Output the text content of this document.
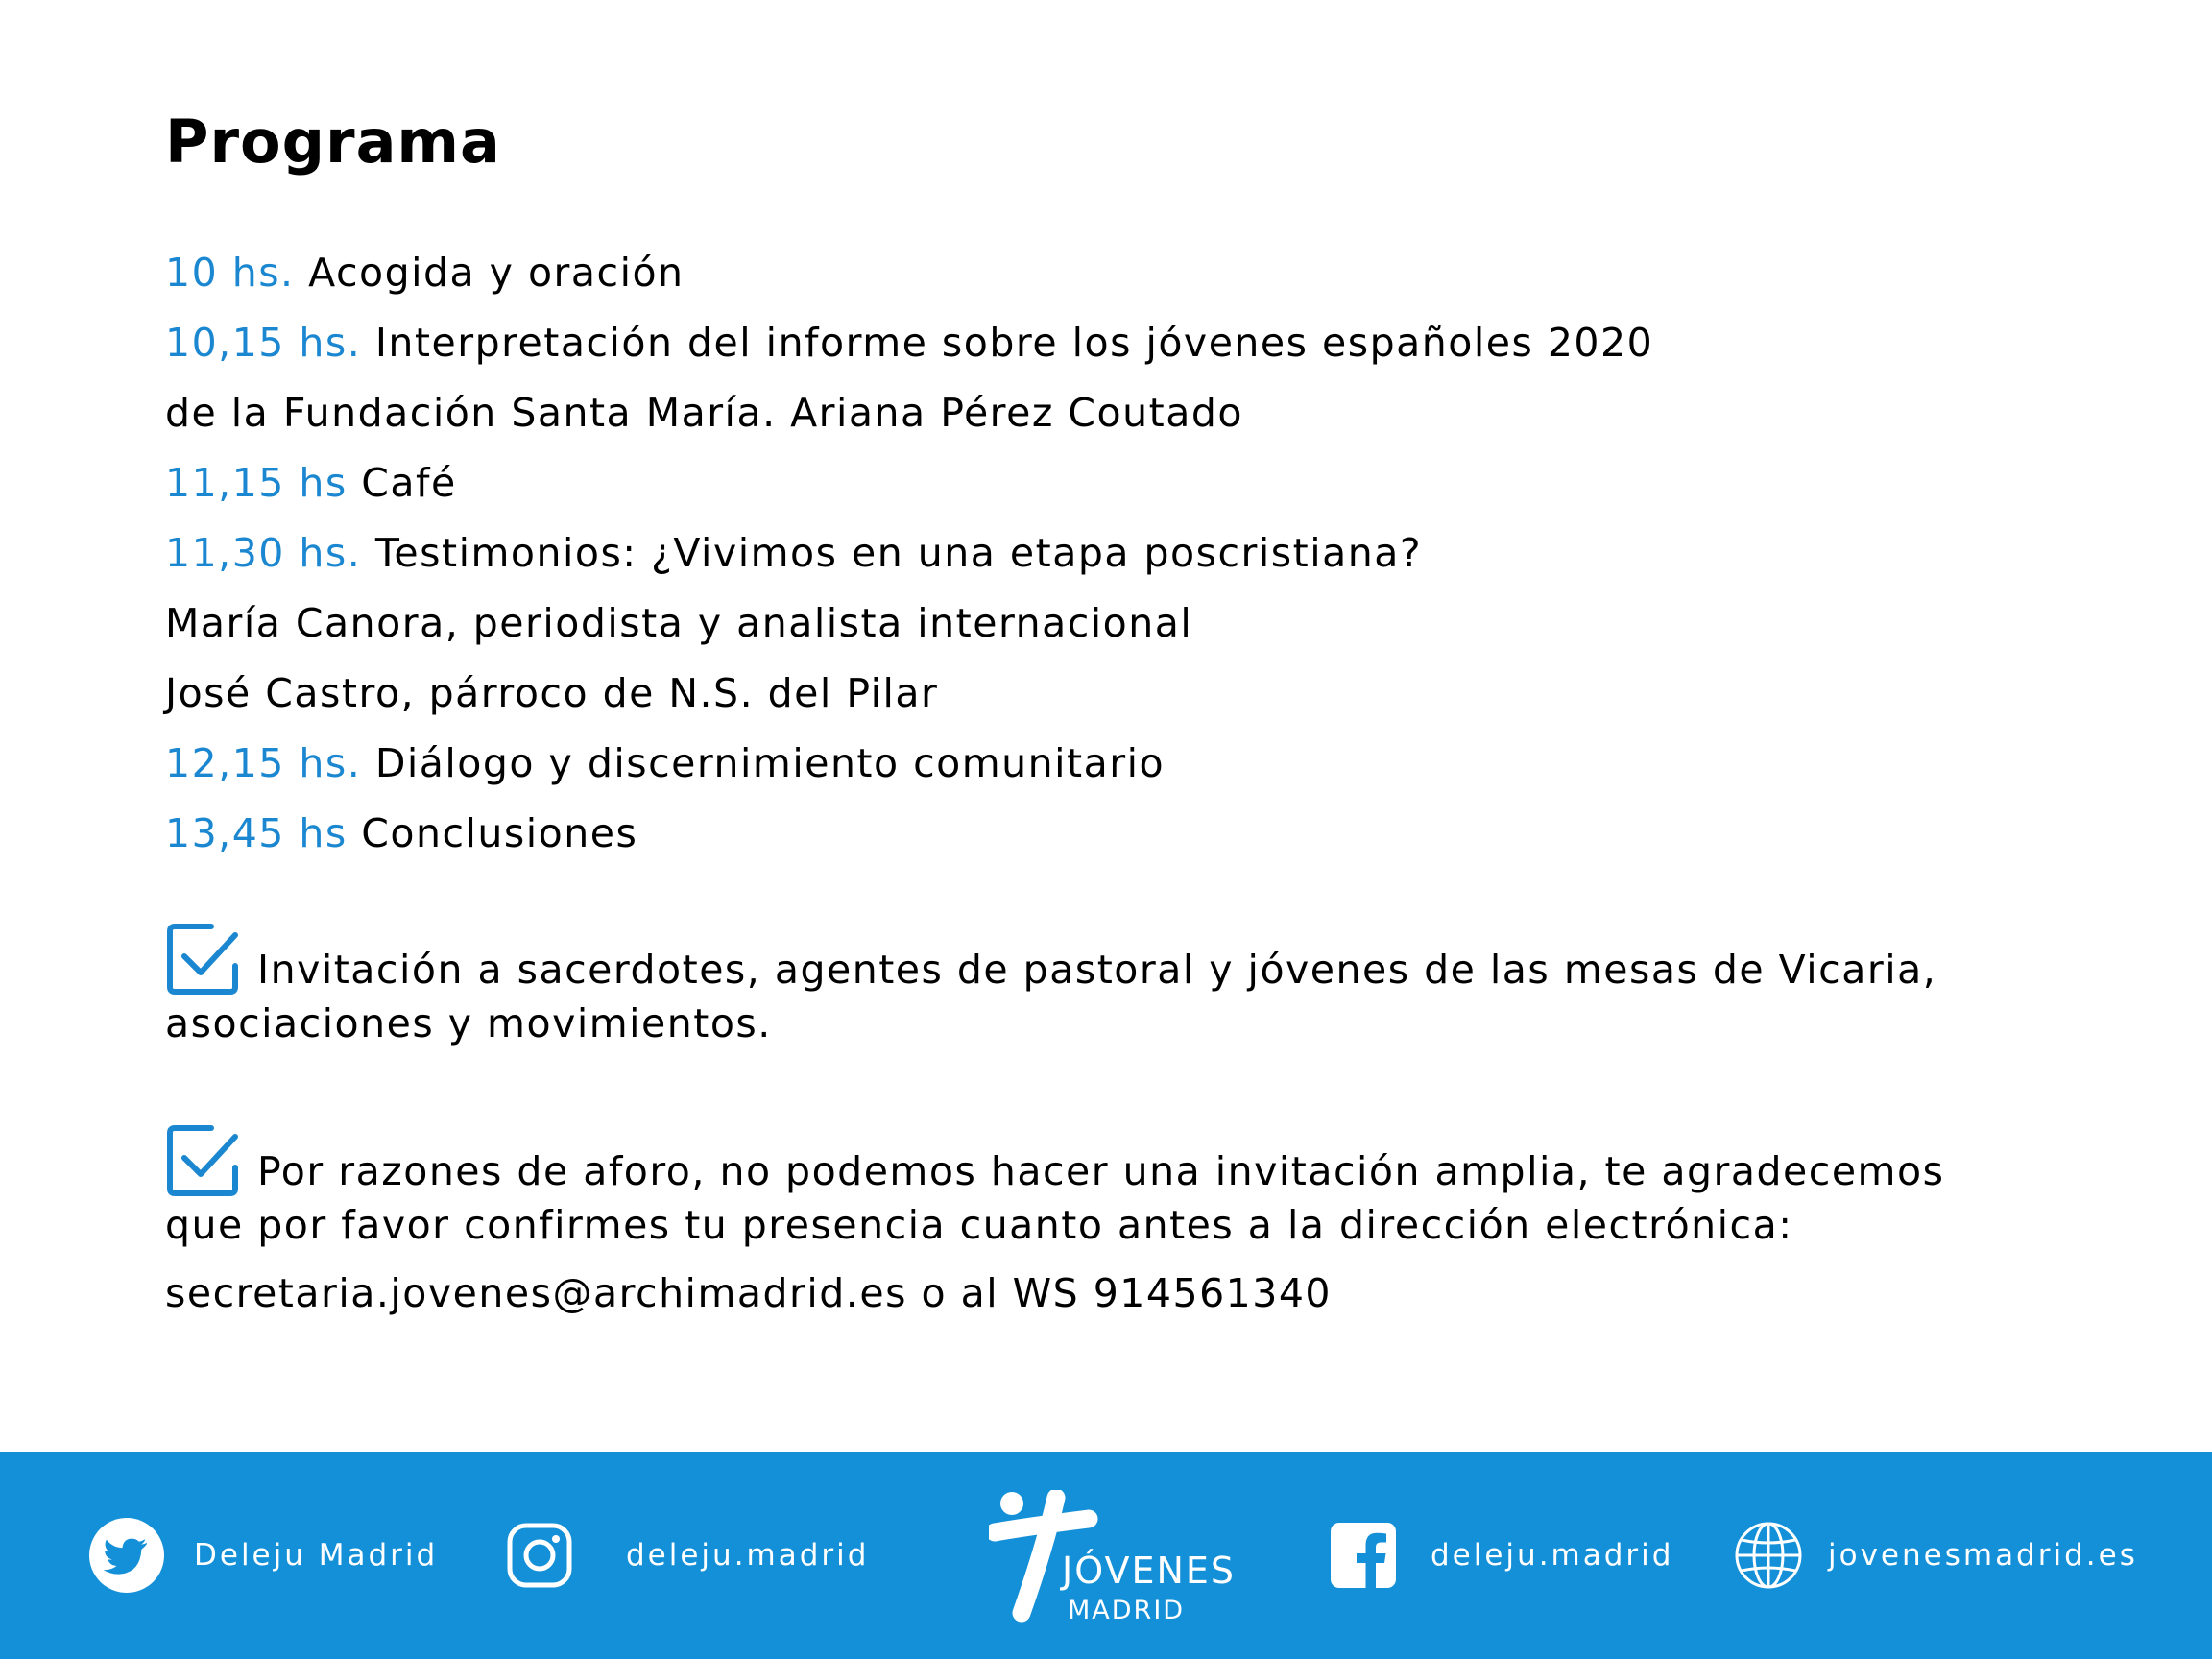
Programa
10 hs. Acogida y oración
10,15 hs. Interpretación del informe sobre los jóvenes españoles 2020
de la Fundación Santa María. Ariana Pérez Coutado
11,15 hs Café
11,30 hs. Testimonios: ¿Vivimos en una etapa poscristiana?
María Canora, periodista y analista internacional
José Castro, párroco de N.S. del Pilar
12,15 hs. Diálogo y discernimiento comunitario
13,45 hs Conclusiones
Invitación a sacerdotes, agentes de pastoral y jóvenes de las mesas de Vicaria,
asociaciones y movimientos.
Por razones de aforo, no podemos hacer una invitación amplia, te agradecemos
que por favor confirmes tu presencia cuanto antes a la dirección electrónica:
secretaria.jovenes@archimadrid.es o al WS 914561340
Deleju Madrid	deleju.madrid	JÓVENES
MADRID
deleju.madrid	jovenesmadrid.es
